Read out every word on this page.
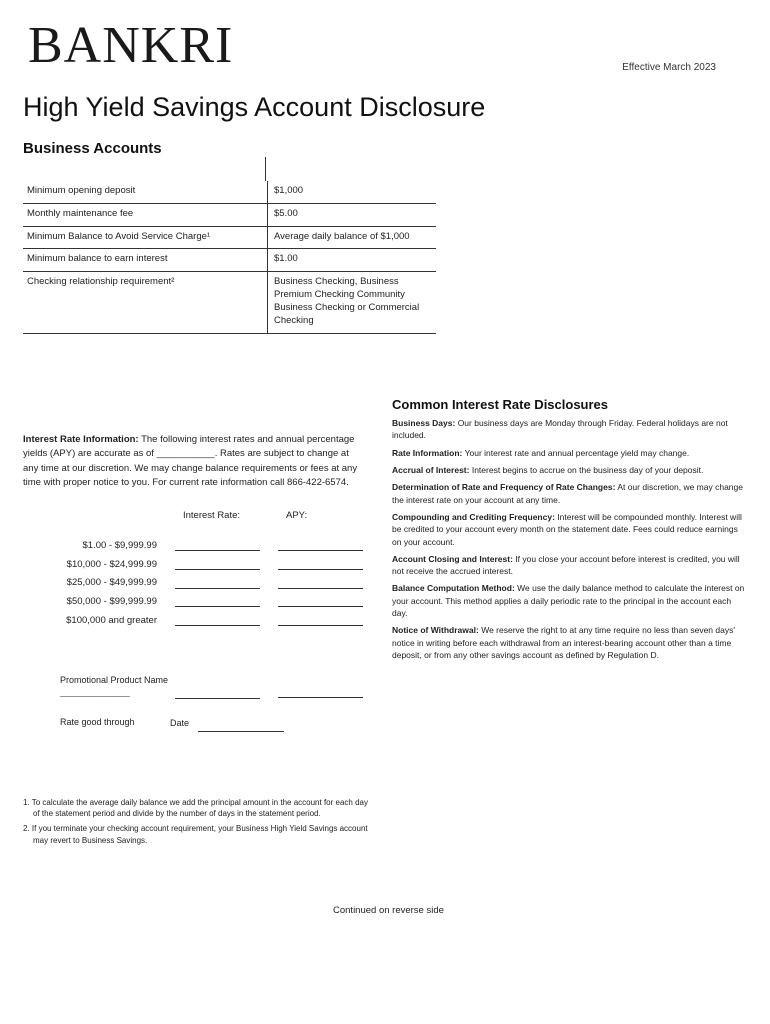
BANKRI	Effective March 2023
High Yield Savings Account Disclosure
Business Accounts
Minimum opening deposit	$1,000
Monthly maintenance fee	$5.00
Minimum Balance to Avoid Service Charge¹	Average daily balance of $1,000
Minimum balance to earn interest	$1.00
Checking relationship requirement²	Business Checking, Business Premium Checking Community Business Checking or Commercial Checking
Interest Rate Information: The following interest rates and annual percentage yields (APY) are accurate as of ___________. Rates are subject to change at any time at our discretion. We may change balance requirements or fees at any time with proper notice to you. For current rate information call 866-422-6574.
Interest Rate:	APY:
$1.00 - $9,999.99
$10,000 - $24,999.99
$25,000 - $49,999.99
$50,000 - $99,999.99
$100,000 and greater
Promotional Product Name
____________________
Rate good through	Date

1. To calculate the average daily balance we add the principal amount in the account for each day of the statement period and divide by the number of days in the statement period.

2. If you terminate your checking account requirement, your Business High Yield Savings account may revert to Business Savings.

Continued on reverse side
Common Interest Rate Disclosures

Business Days: Our business days are Monday through Friday. Federal holidays are not included.

Rate Information: Your interest rate and annual percentage yield may change.

Accrual of Interest: Interest begins to accrue on the business day of your deposit.

Determination of Rate and Frequency of Rate Changes: At our discretion, we may change the interest rate on your account at any time.

Compounding and Crediting Frequency: Interest will be compounded monthly. Interest will be credited to your account every month on the statement date. Fees could reduce earnings on your account.

Account Closing and Interest: If you close your account before interest is credited, you will not receive the accrued interest.

Balance Computation Method: We use the daily balance method to calculate the interest on your account. This method applies a daily periodic rate to the principal in the account each day.

Notice of Withdrawal: We reserve the right to at any time require no less than seven days' notice in writing before each withdrawal from an interest-bearing account other than a time deposit, or from any other savings account as defined by Regulation D.
